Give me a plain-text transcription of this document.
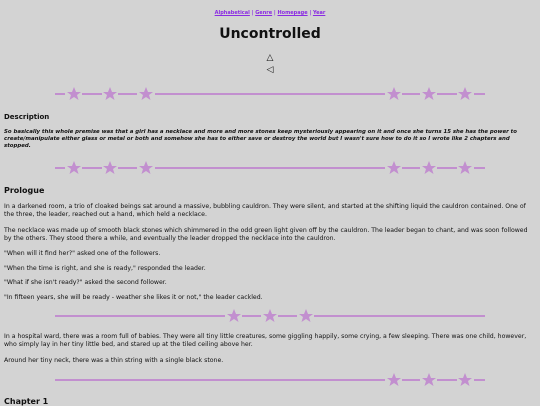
Alphabetical | Genre | Homepage | Year
Uncontrolled
△
◁
Description
So basically this whole premise was that a girl has a necklace and more and more stones keep mysteriously appearing on it and once she turns 15 she has the power to create/manipulate either glass or metal or both and somehow she has to either save or destroy the world but I wasn't sure how to do it so I wrote like 2 chapters and stopped.
Prologue
In a darkened room, a trio of cloaked beings sat around a massive, bubbling cauldron. They were silent, and started at the shifting liquid the cauldron contained. One of the three, the leader, reached out a hand, which held a necklace.
The necklace was made up of smooth black stones which shimmered in the odd green light given off by the cauldron. The leader began to chant, and was soon followed by the others. They stood there a while, and eventually the leader dropped the necklace into the cauldron.
"When will it find her?" asked one of the followers.
"When the time is right, and she is ready," responded the leader.
"What if she isn't ready?" asked the second follower.
"In fifteen years, she will be ready - weather she likes it or not," the leader cackled.
In a hospital ward, there was a room full of babies. They were all tiny little creatures, some giggling happily, some crying, a few sleeping. There was one child, however, who simply lay in her tiny little bed, and stared up at the tiled ceiling above her.
Around her tiny neck, there was a thin string with a single black stone.
Chapter 1
